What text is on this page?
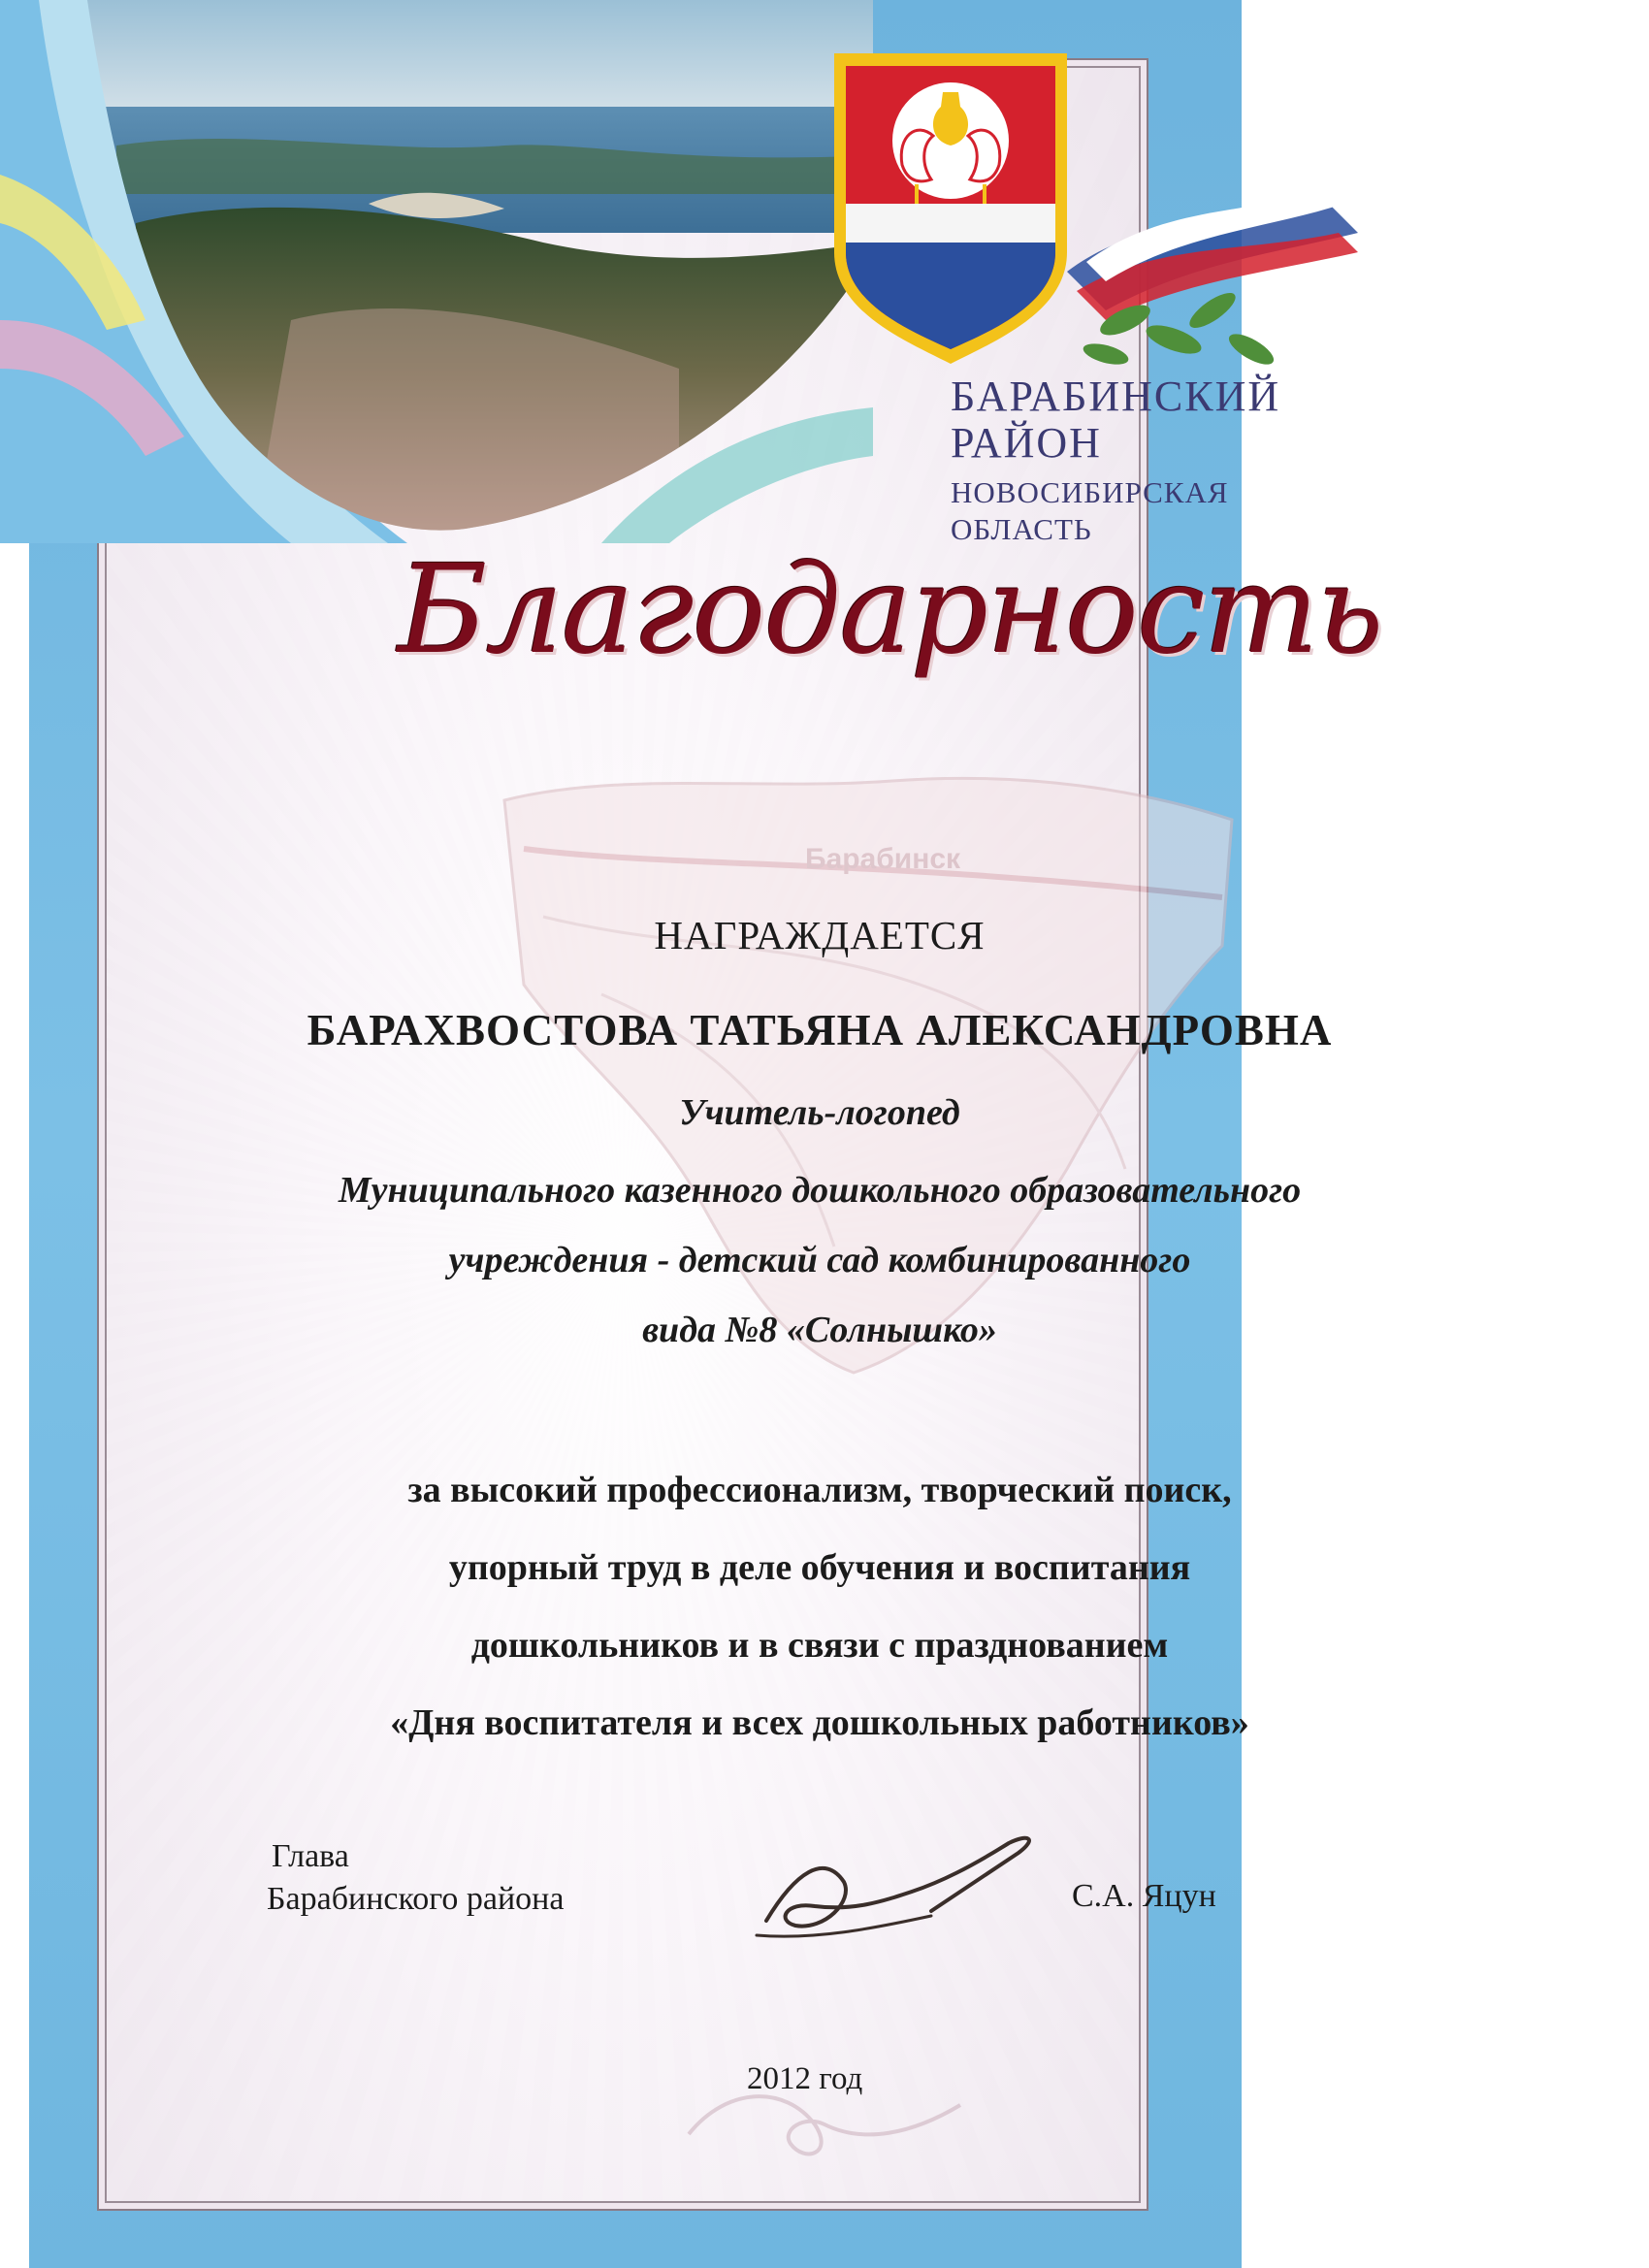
БАРАБИНСКИЙ
РАЙОН
НОВОСИБИРСКАЯ
ОБЛАСТЬ
Благодарность
Барабинск
НАГРАЖДАЕТСЯ
БАРАХВОСТОВА ТАТЬЯНА АЛЕКСАНДРОВНА
Учитель-логопед
Муниципального казенного дошкольного образовательного
учреждения - детский сад комбинированного
вида №8 «Солнышко»
за высокий профессионализм, творческий поиск,
упорный труд в деле обучения и воспитания
дошкольников и в связи с празднованием
«Дня воспитателя и всех дошкольных работников»
Глава
Барабинского района	С.А. Яцун
2012 год
